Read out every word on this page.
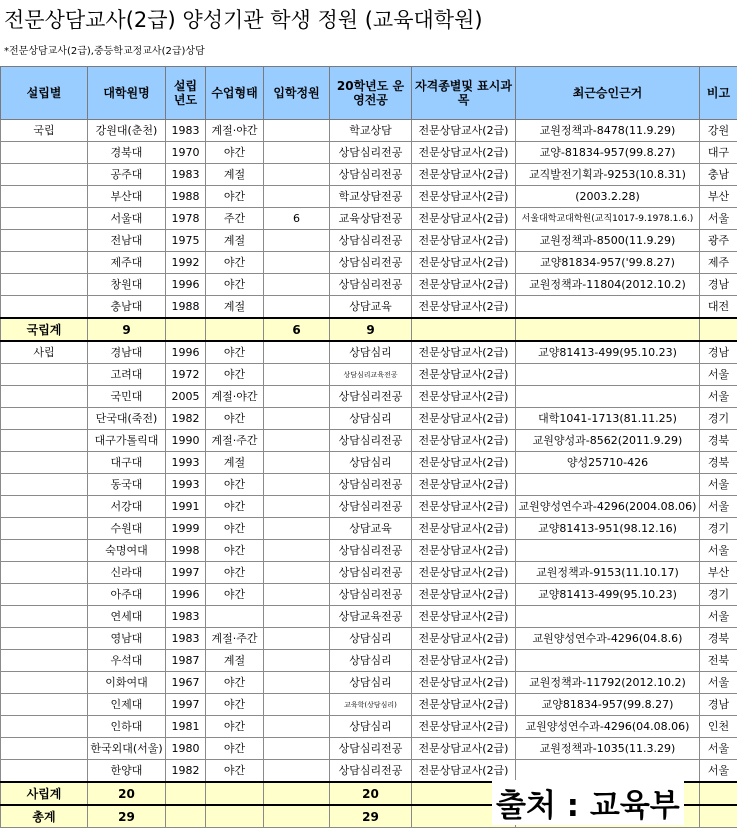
전문상담교사(2급) 양성기관 학생 정원 (교육대학원)
*전문상담교사(2급),중등학교정교사(2급)상담
설립별	대학원명	설립 년도	수업형태	입학정원	20학년도 운영전공	자격종별및 표시과목	최근승인근거	비고
국립	강원대(춘천)	1983	계절·야간		학교상담	전문상담교사(2급)	교원정책과-8478(11.9.29)	강원
	경북대	1970	야간		상담심리전공	전문상담교사(2급)	교양-81834-957(99.8.27)	대구
	공주대	1983	계절		상담심리전공	전문상담교사(2급)	교직발전기획과-9253(10.8.31)	충남
	부산대	1988	야간		학교상담전공	전문상담교사(2급)	(2003.2.28)	부산
	서울대	1978	주간	6	교육상담전공	전문상담교사(2급)	서울대학교대학원(교직1017-9.1978.1.6.)	서울
	전남대	1975	계절		상담심리전공	전문상담교사(2급)	교원정책과-8500(11.9.29)	광주
	제주대	1992	야간		상담심리전공	전문상담교사(2급)	교양81834-957('99.8.27)	제주
	창원대	1996	야간		상담심리전공	전문상담교사(2급)	교원정책과-11804(2012.10.2)	경남
	충남대	1988	계절		상담교육	전문상담교사(2급)		대전
국립계	9			6	9			
사립	경남대	1996	야간		상담심리	전문상담교사(2급)	교양81413-499(95.10.23)	경남
	고려대	1972	야간		상담심리교육전공	전문상담교사(2급)		서울
	국민대	2005	계절·야간		상담심리전공	전문상담교사(2급)		서울
	단국대(죽전)	1982	야간		상담심리	전문상담교사(2급)	대학1041-1713(81.11.25)	경기
	대구가톨릭대	1990	계절·주간		상담심리전공	전문상담교사(2급)	교원양성과-8562(2011.9.29)	경북
	대구대	1993	계절		상담심리	전문상담교사(2급)	양성25710-426	경북
	동국대	1993	야간		상담심리전공	전문상담교사(2급)		서울
	서강대	1991	야간		상담심리전공	전문상담교사(2급)	교원양성연수과-4296(2004.08.06)	서울
	수원대	1999	야간		상담교육	전문상담교사(2급)	교양81413-951(98.12.16)	경기
	숙명여대	1998	야간		상담심리전공	전문상담교사(2급)		서울
	신라대	1997	야간		상담심리전공	전문상담교사(2급)	교원정책과-9153(11.10.17)	부산
	아주대	1996	야간		상담심리전공	전문상담교사(2급)	교양81413-499(95.10.23)	경기
	연세대	1983			상담교육전공	전문상담교사(2급)		서울
	영남대	1983	계절·주간		상담심리	전문상담교사(2급)	교원양성연수과-4296(04.8.6)	경북
	우석대	1987	계절		상담심리	전문상담교사(2급)		전북
	이화여대	1967	야간		상담심리	전문상담교사(2급)	교원정책과-11792(2012.10.2)	서울
	인제대	1997	야간		교육학(상담심리)	전문상담교사(2급)	교양81834-957(99.8.27)	경남
	인하대	1981	야간		상담심리	전문상담교사(2급)	교원양성연수과-4296(04.08.06)	인천
	한국외대(서울)	1980	야간		상담심리전공	전문상담교사(2급)	교원정책과-1035(11.3.29)	서울
	한양대	1982	야간		상담심리전공	전문상담교사(2급)		서울
사립계	20				20			
총계	29				29				출처 : 교육부
